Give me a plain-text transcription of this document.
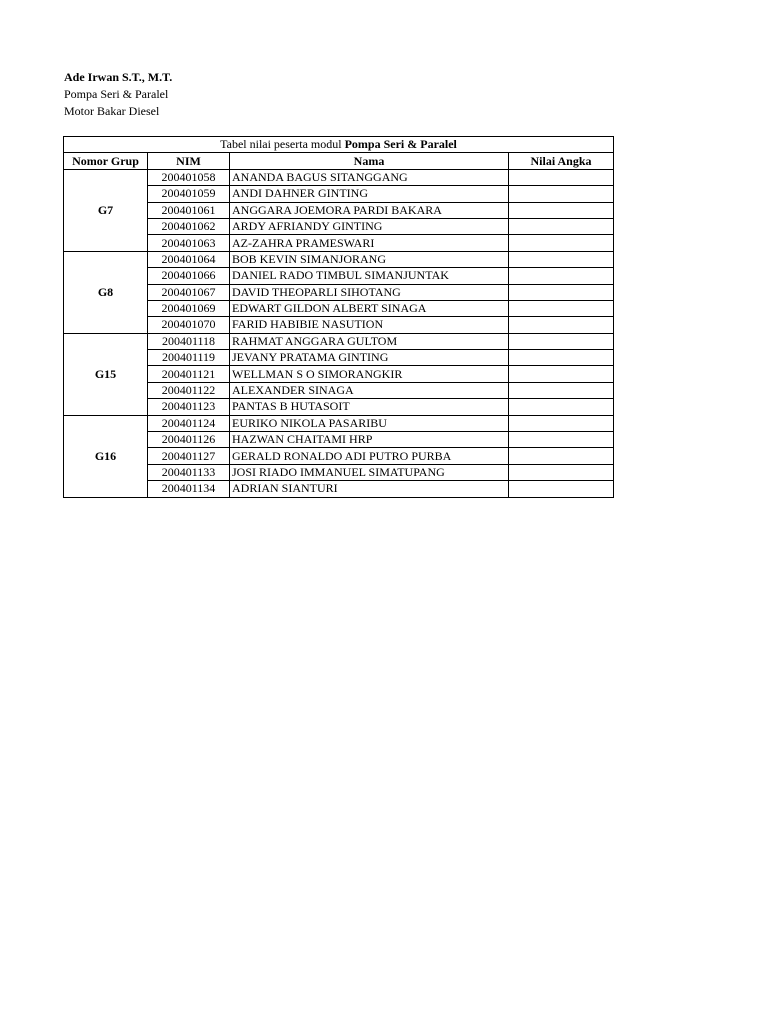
Ade Irwan S.T., M.T.
Pompa Seri & Paralel
Motor Bakar Diesel
Tabel nilai peserta modul Pompa Seri & Paralel			
Nomor Grup	NIM	Nama	Nilai Angka
G7	200401058	ANANDA BAGUS SITANGGANG	
	200401059	ANDI DAHNER GINTING	
	200401061	ANGGARA JOEMORA PARDI BAKARA	
	200401062	ARDY AFRIANDY GINTING	
	200401063	AZ-ZAHRA PRAMESWARI	
G8	200401064	BOB KEVIN SIMANJORANG	
	200401066	DANIEL RADO TIMBUL SIMANJUNTAK	
	200401067	DAVID THEOPARLI SIHOTANG	
	200401069	EDWART GILDON ALBERT SINAGA	
	200401070	FARID HABIBIE NASUTION	
G15	200401118	RAHMAT ANGGARA GULTOM	
	200401119	JEVANY PRATAMA GINTING	
	200401121	WELLMAN S O SIMORANGKIR	
	200401122	ALEXANDER SINAGA	
	200401123	PANTAS B HUTASOIT	
G16	200401124	EURIKO NIKOLA PASARIBU	
	200401126	HAZWAN CHAITAMI HRP	
	200401127	GERALD RONALDO ADI PUTRO PURBA	
	200401133	JOSI RIADO IMMANUEL SIMATUPANG	
	200401134	ADRIAN SIANTURI	
